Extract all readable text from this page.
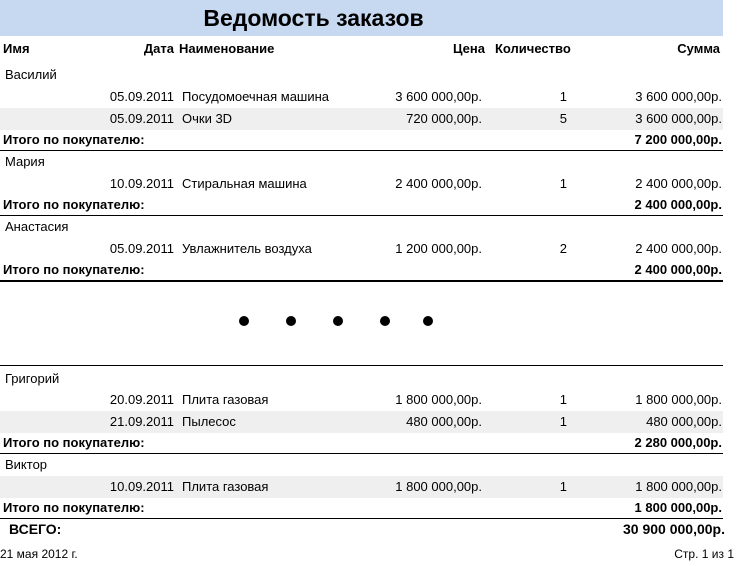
Ведомость заказов
Имя	Дата Наименование	Цена Количество	Сумма
Василий
05.09.2011 Посудомоечная машина	3 600 000,00р.	1	3 600 000,00р.
05.09.2011 Очки 3D	720 000,00р.	5	3 600 000,00р.
Итого по покупателю:	7 200 000,00р.
Мария
10.09.2011 Стиральная машина	2 400 000,00р.	1	2 400 000,00р.
Итого по покупателю:	2 400 000,00р.
Анастасия
05.09.2011 Увлажнитель воздуха	1 200 000,00р.	2	2 400 000,00р.
Итого по покупателю:	2 400 000,00р.
Григорий
20.09.2011 Плита газовая	1 800 000,00р.	1	1 800 000,00р.
21.09.2011 Пылесос	480 000,00р.	1	480 000,00р.
Итого по покупателю:	2 280 000,00р.
Виктор
10.09.2011 Плита газовая	1 800 000,00р.	1	1 800 000,00р.
Итого по покупателю:	1 800 000,00р.
ВСЕГО:	30 900 000,00р.
21 мая 2012 г.	Стр. 1 из 1
